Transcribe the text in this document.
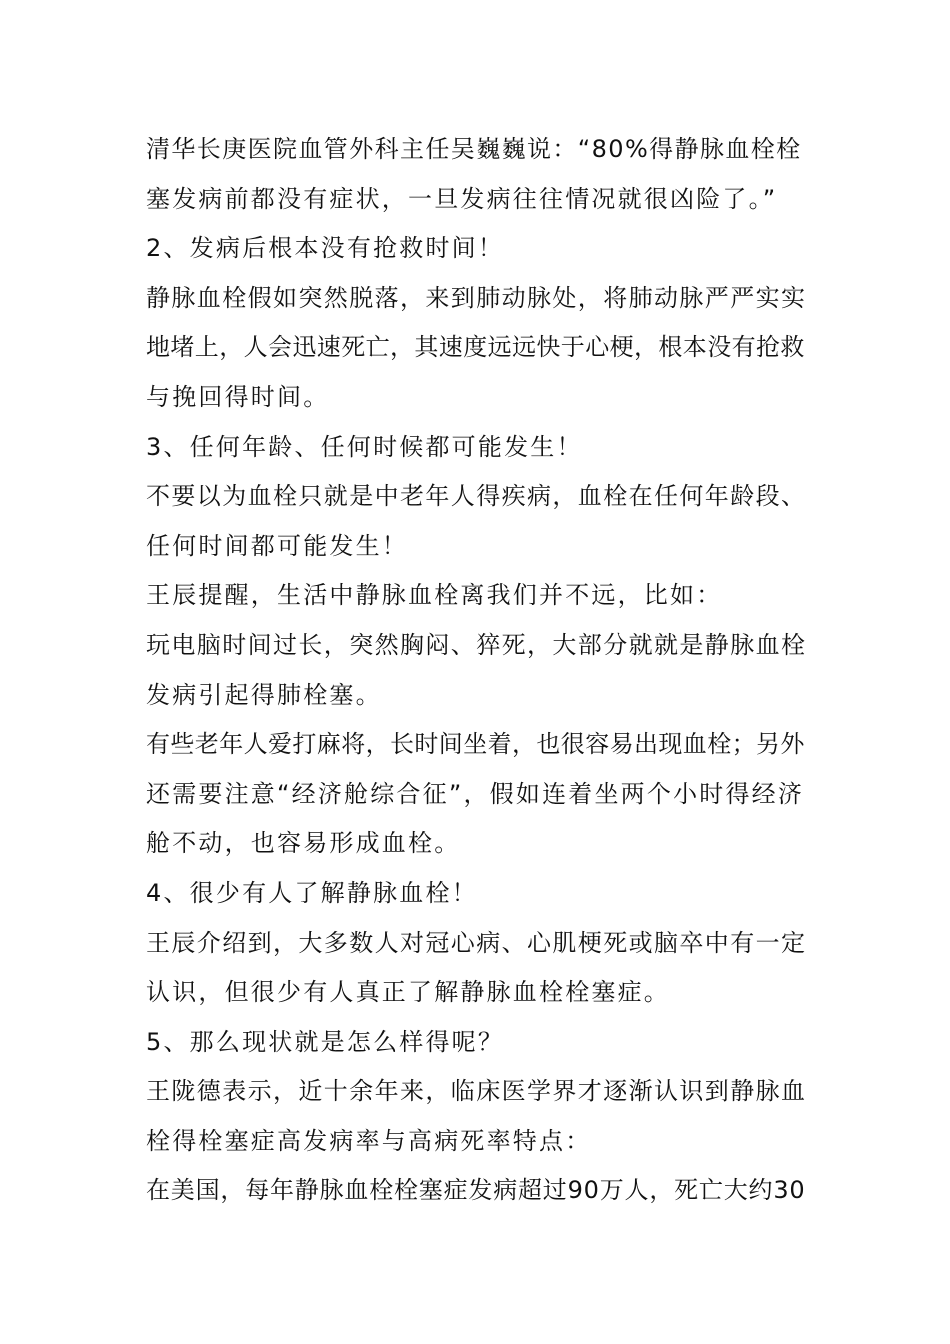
清华长庚医院血管外科主任吴巍巍说：“80%得静脉血栓栓
塞发病前都没有症状，一旦发病往往情况就很凶险了。”
2、发病后根本没有抢救时间！
静脉血栓假如突然脱落，来到肺动脉处，将肺动脉严严实实
地堵上，人会迅速死亡，其速度远远快于心梗，根本没有抢救
与挽回得时间。
3、任何年龄、任何时候都可能发生！
不要以为血栓只就是中老年人得疾病，血栓在任何年龄段、
任何时间都可能发生！
王辰提醒，生活中静脉血栓离我们并不远，比如：
玩电脑时间过长，突然胸闷、猝死，大部分就就是静脉血栓
发病引起得肺栓塞。
有些老年人爱打麻将，长时间坐着，也很容易出现血栓；另外
还需要注意“经济舱综合征”，假如连着坐两个小时得经济
舱不动，也容易形成血栓。
4、很少有人了解静脉血栓！
王辰介绍到，大多数人对冠心病、心肌梗死或脑卒中有一定
认识，但很少有人真正了解静脉血栓栓塞症。
5、那么现状就是怎么样得呢？
王陇德表示，近十余年来，临床医学界才逐渐认识到静脉血
栓得栓塞症高发病率与高病死率特点：
在美国，每年静脉血栓栓塞症发病超过90万人，死亡大约30
